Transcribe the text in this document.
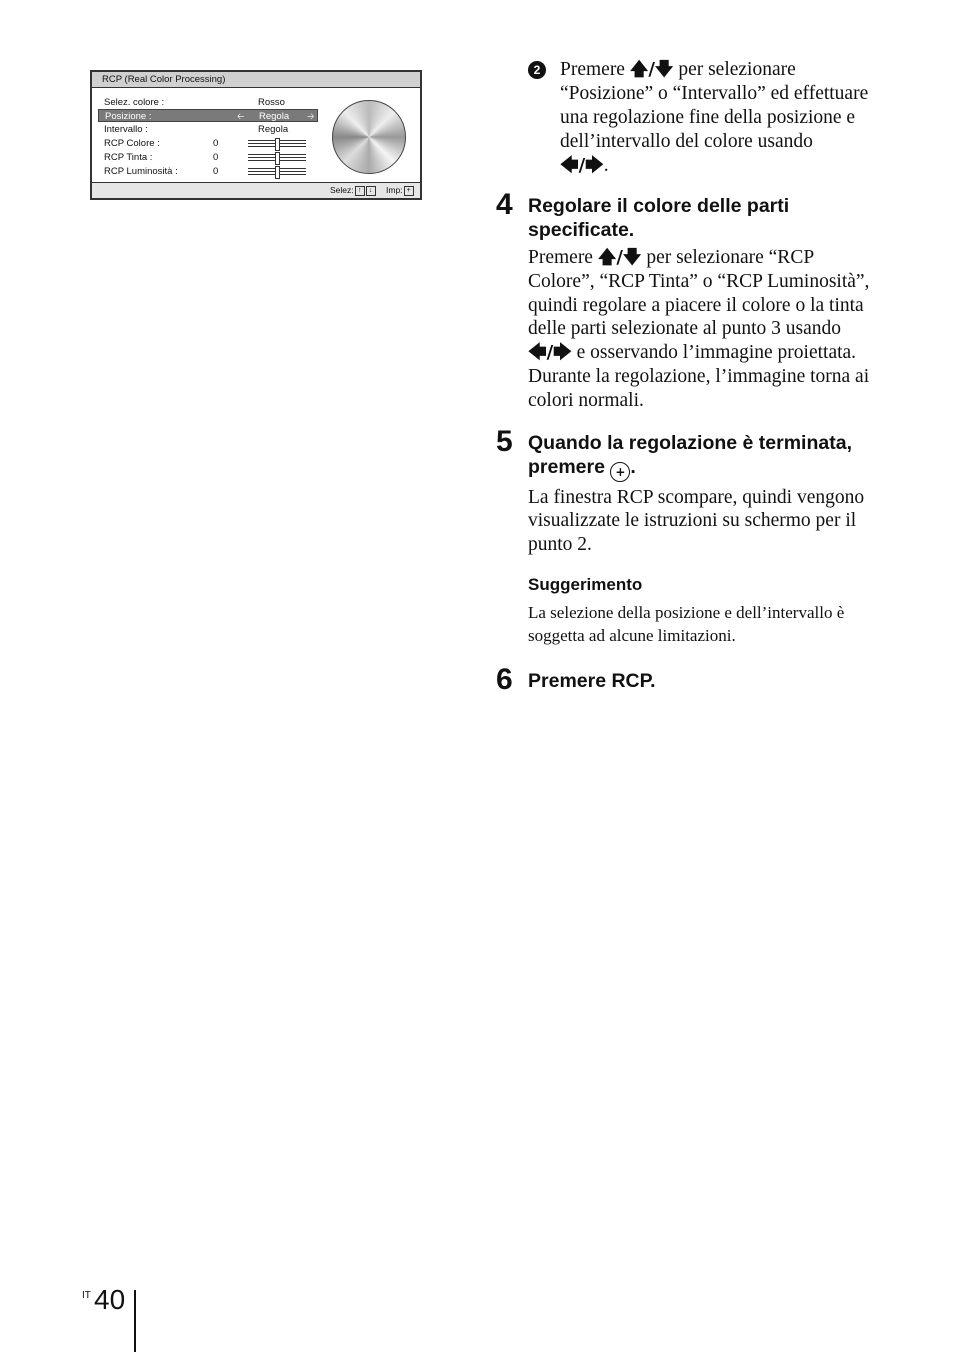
RCP (Real Color Processing)
Selez. colore :	Rosso
Posizione :	🡠 Regola 🡢
Intervallo :	Regola
RCP Colore :	0
RCP Tinta :	0
RCP Luminosità :	0
Selez: ↑ ↓	Imp: +
2 Premere 🡅/🡇 per selezionare “Posizione” o “Intervallo” ed effettuare una regolazione fine della posizione e dell’intervallo del colore usando
🡄/🡆.
4 Regolare il colore delle parti specificate.
Premere 🡅/🡇 per selezionare “RCP Colore”, “RCP Tinta” o “RCP Luminosità”, quindi regolare a piacere il colore o la tinta delle parti selezionate al punto 3 usando 🡄/🡆 e osservando l’immagine proiettata. Durante la regolazione, l’immagine torna ai colori normali.
5 Quando la regolazione è terminata, premere + .
La finestra RCP scompare, quindi vengono visualizzate le istruzioni su schermo per il punto 2.
Suggerimento
La selezione della posizione e dell’intervallo è soggetta ad alcune limitazioni.
6 Premere RCP.
IT 40
